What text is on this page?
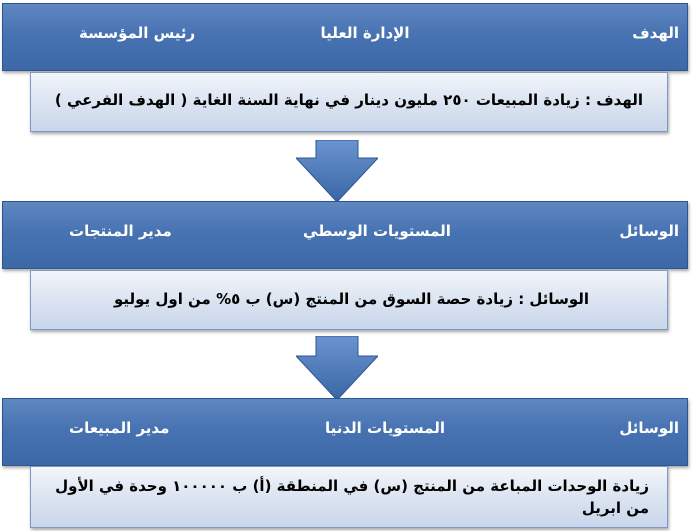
الهدف
الإدارة العليا
رئيس المؤسسة
الهدف : زيادة المبيعات ٢٥٠ مليون دينار في نهاية السنة الغاية ( الهدف الفرعي )
الوسائل
المستويات الوسطي
مدير المنتجات
الوسائل : زيادة حصة السوق من المنتج (س) ب ٥% من اول يوليو
الوسائل
المستويات الدنيا
مدير المبيعات
زيادة الوحدات المباعة من المنتج (س) في المنطقة (أ) ب ١٠٠٠٠٠ وحدة في الأول من ابريل
